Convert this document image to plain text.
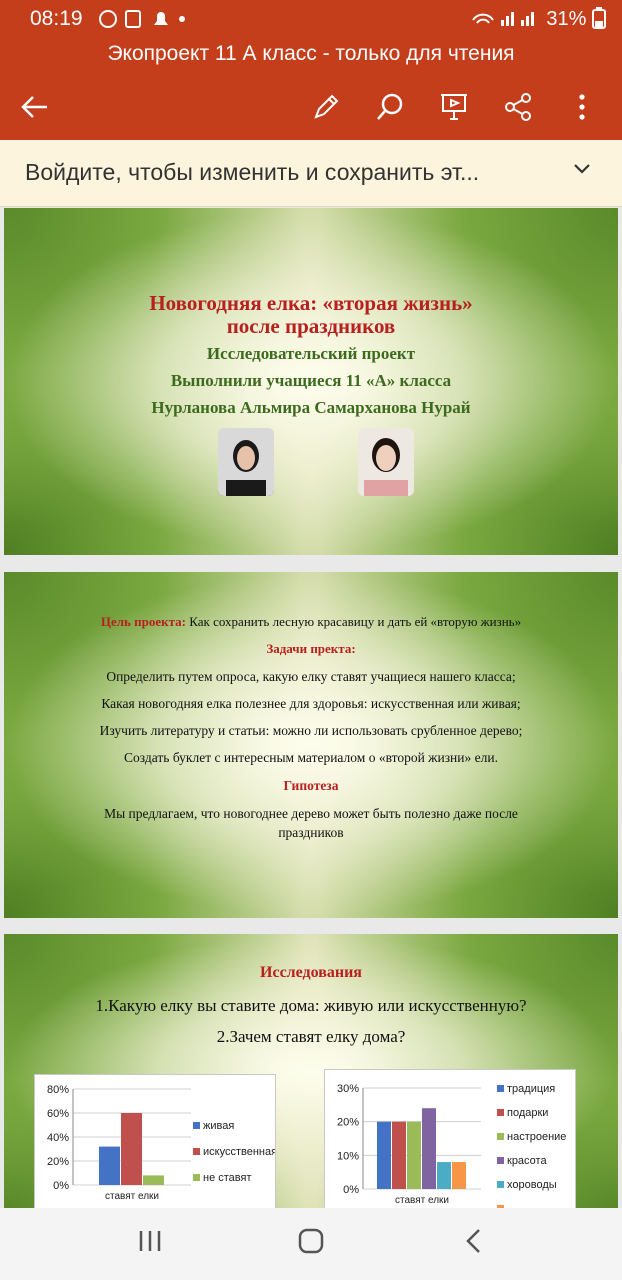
08:19	31%
Экопроект 11 А класс - только для чтения
Войдите, чтобы изменить и сохранить эт...
Новогодняя елка: «вторая жизнь»
после праздников
Исследовательский проект
Выполнили учащиеся 11 «А» класса
Нурланова Альмира Самарханова Нурай
Цель проекта: Как сохранить лесную красавицу и дать ей «вторую жизнь»
Задачи пректа:
Определить путем опроса, какую елку ставят учащиеся нашего класса;
Какая новогодняя елка полезнее для здоровья: искусственная или живая;
Изучить литературу и статьи: можно ли использовать срубленное дерево;
Создать буклет с интересным материалом о «второй жизни» ели.
Гипотеза
Мы предлагаем, что новогоднее дерево может быть полезно даже после
праздников
Исследования
1.Какую елку вы ставите дома: живую или искусственную?
2.Зачем ставят елку дома?
0%
20%
40%
60%
80%
ставят елки
живая
искусственная
не ставят
0%
10%
20%
30%
ставят елки
традиция
подарки
настроение
красота
хороводы
